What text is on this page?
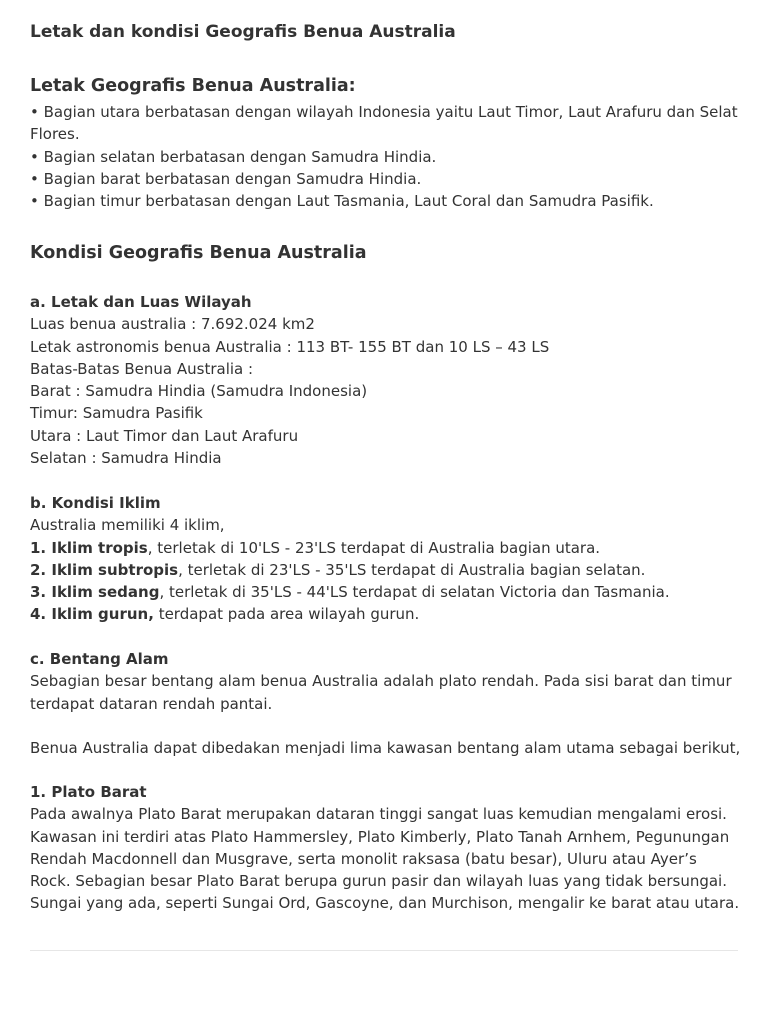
Letak dan kondisi Geografis Benua Australia
Letak Geografis Benua Australia:
• Bagian utara berbatasan dengan wilayah Indonesia yaitu Laut Timor, Laut Arafuru dan Selat Flores.
• Bagian selatan berbatasan dengan Samudra Hindia.
• Bagian barat berbatasan dengan Samudra Hindia.
• Bagian timur berbatasan dengan Laut Tasmania, Laut Coral dan Samudra Pasifik.
Kondisi Geografis Benua Australia
a. Letak dan Luas Wilayah
Luas benua australia : 7.692.024 km2
Letak astronomis benua Australia : 113 BT- 155 BT dan 10 LS – 43 LS
Batas-Batas Benua Australia :
Barat : Samudra Hindia (Samudra Indonesia)
Timur: Samudra Pasifik
Utara : Laut Timor dan Laut Arafuru
Selatan : Samudra Hindia
b. Kondisi Iklim
Australia memiliki 4 iklim,
1. Iklim tropis, terletak di 10'LS - 23'LS terdapat di Australia bagian utara.
2. Iklim subtropis, terletak di 23'LS - 35'LS terdapat di Australia bagian selatan.
3. Iklim sedang, terletak di 35'LS - 44'LS terdapat di selatan Victoria dan Tasmania.
4. Iklim gurun, terdapat pada area wilayah gurun.
c. Bentang Alam
Sebagian besar bentang alam benua Australia adalah plato rendah. Pada sisi barat dan timur terdapat dataran rendah pantai.
Benua Australia dapat dibedakan menjadi lima kawasan bentang alam utama sebagai berikut,
1. Plato Barat
Pada awalnya Plato Barat merupakan dataran tinggi sangat luas kemudian mengalami erosi. Kawasan ini terdiri atas Plato Hammersley, Plato Kimberly, Plato Tanah Arnhem, Pegunungan Rendah Macdonnell dan Musgrave, serta monolit raksasa (batu besar), Uluru atau Ayer’s Rock. Sebagian besar Plato Barat berupa gurun pasir dan wilayah luas yang tidak bersungai. Sungai yang ada, seperti Sungai Ord, Gascoyne, dan Murchison, mengalir ke barat atau utara.
